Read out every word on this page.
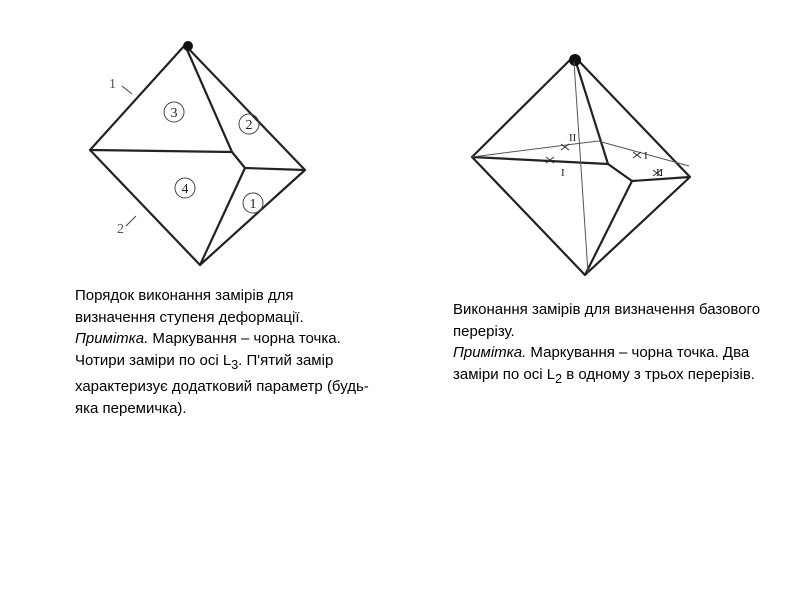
3
2
4
1
1
2
II
I
I
II
Порядок виконання замірів для визначення ступеня деформації.
Примітка. Маркування – чорна точка. Чотири заміри по осі $L_3$. П'ятий замір характеризує додатковий параметр (будь-яка перемичка).
Виконання замірів для визначення базового перерізу.
Примітка. Маркування – чорна точка. Два заміри по осі $L_2$ в одному з трьох перерізів.
